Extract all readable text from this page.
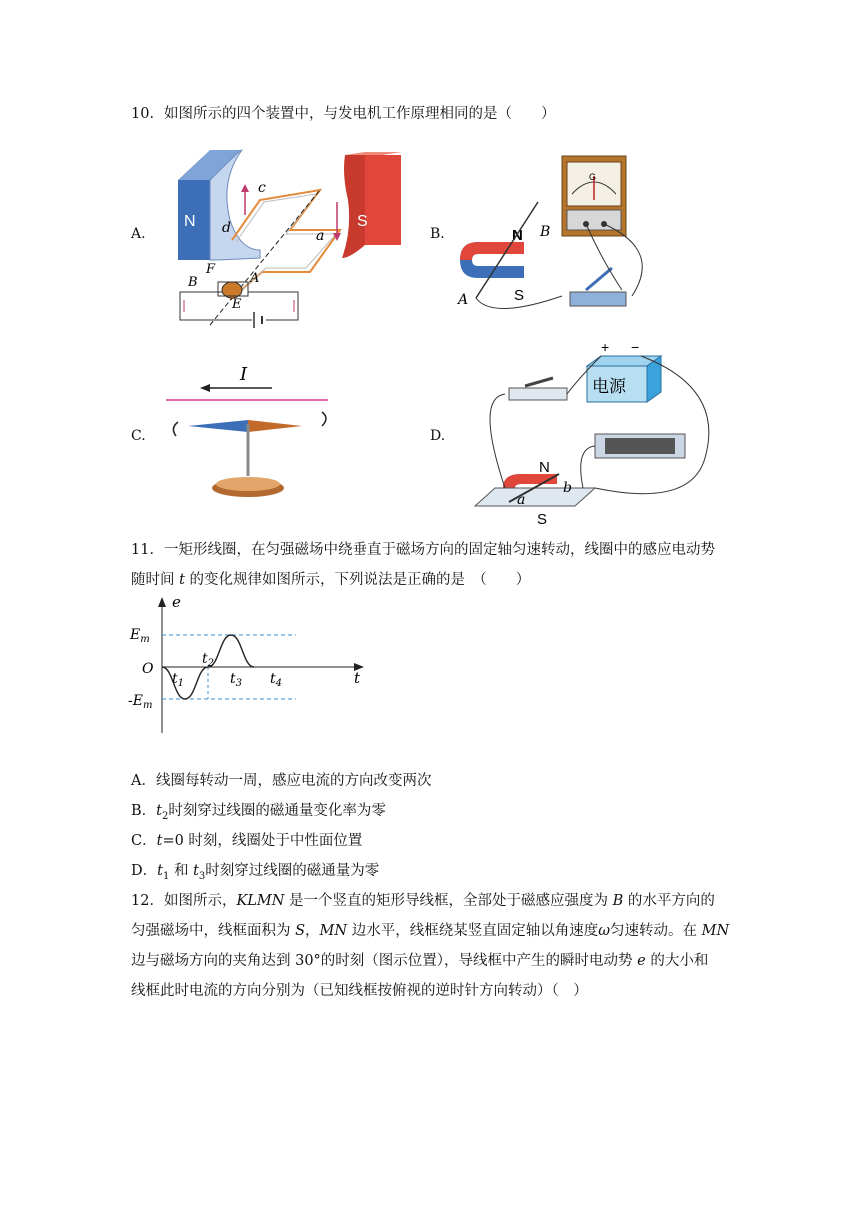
10．如图所示的四个装置中，与发电机工作原理相同的是（　　）
A.	B.
C.	D.
N	S
c
d	a
F
B	A
E
G
N
S
B
A
I
+ −
电源
N
S
b
a
11．一矩形线圈，在匀强磁场中绕垂直于磁场方向的固定轴匀速转动，线圈中的感应电动势
随时间 t 的变化规律如图所示，下列说法是正确的是　（　　）
e
t
O
$E_m$
$-E_m$
$t_1$
$t_2$
$t_3$ $t_4$
A．线圈每转动一周，感应电流的方向改变两次
B．$t_2$时刻穿过线圈的磁通量变化率为零
C．t=0 时刻，线圈处于中性面位置
D．$t_1$ 和 $t_3$时刻穿过线圈的磁通量为零
12．如图所示，KLMN 是一个竖直的矩形导线框，全部处于磁感应强度为 B 的水平方向的
匀强磁场中，线框面积为 S，MN 边水平，线框绕某竖直固定轴以角速度ω匀速转动。在 MN
边与磁场方向的夹角达到 30°的时刻（图示位置），导线框中产生的瞬时电动势 e 的大小和
线框此时电流的方向分别为（已知线框按俯视的逆时针方向转动）（　）
